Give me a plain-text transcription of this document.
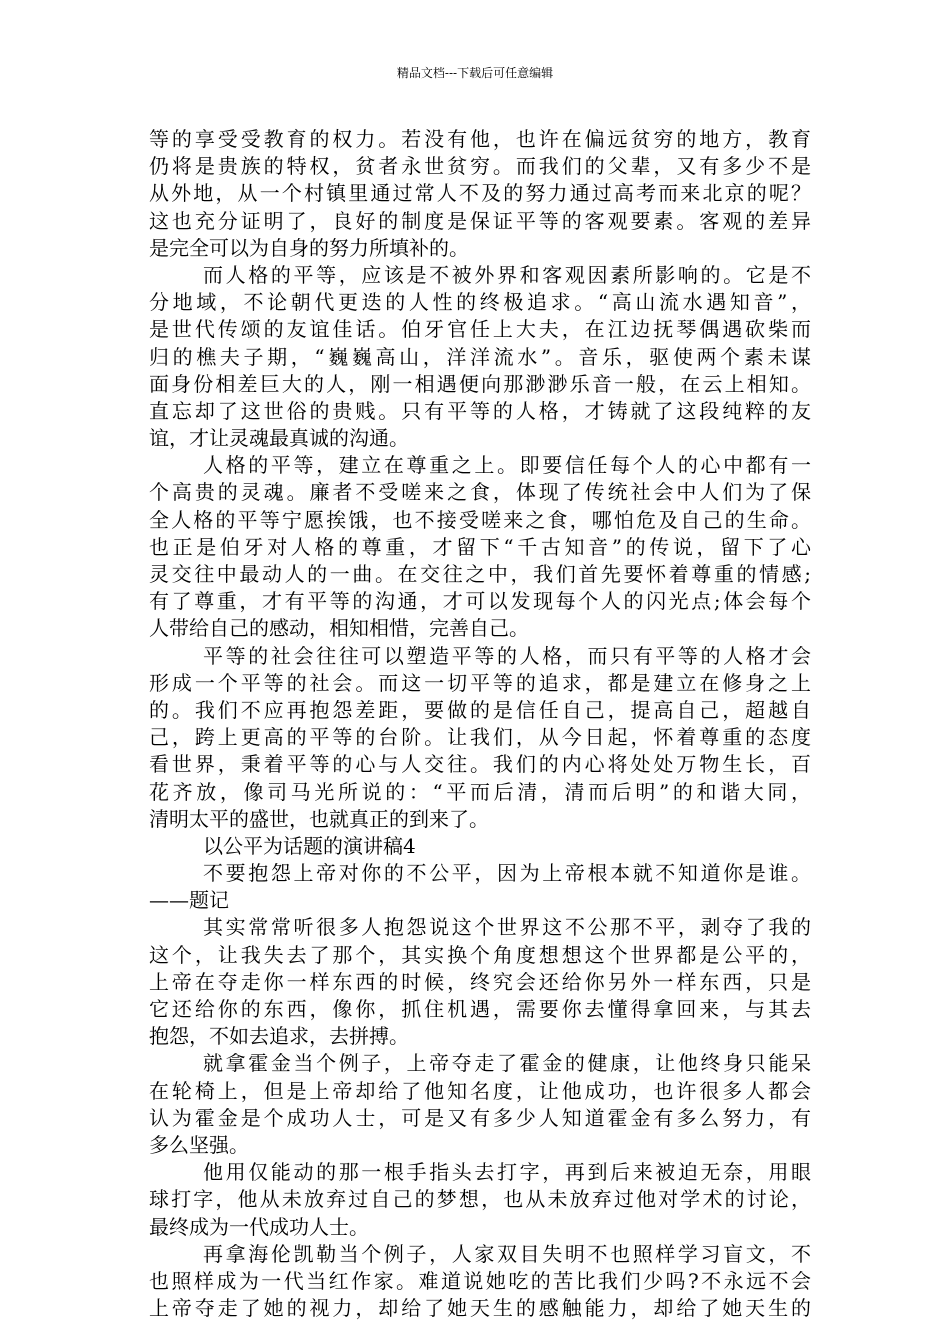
精品文档---下载后可任意编辑
等的享受受教育的权力。若没有他，也许在偏远贫穷的地方，教育
仍将是贵族的特权，贫者永世贫穷。而我们的父辈，又有多少不是
从外地，从一个村镇里通过常人不及的努力通过高考而来北京的呢？
这也充分证明了，良好的制度是保证平等的客观要素。客观的差异
是完全可以为自身的努力所填补的。
而人格的平等，应该是不被外界和客观因素所影响的。它是不
分地域，不论朝代更迭的人性的终极追求。“高山流水遇知音”，
是世代传颂的友谊佳话。伯牙官任上大夫，在江边抚琴偶遇砍柴而
归的樵夫子期，“巍巍高山，洋洋流水”。音乐，驱使两个素未谋
面身份相差巨大的人，刚一相遇便向那渺渺乐音一般，在云上相知。
直忘却了这世俗的贵贱。只有平等的人格，才铸就了这段纯粹的友
谊，才让灵魂最真诚的沟通。
人格的平等，建立在尊重之上。即要信任每个人的心中都有一
个高贵的灵魂。廉者不受嗟来之食，体现了传统社会中人们为了保
全人格的平等宁愿挨饿，也不接受嗟来之食，哪怕危及自己的生命。
也正是伯牙对人格的尊重，才留下“千古知音”的传说，留下了心
灵交往中最动人的一曲。在交往之中，我们首先要怀着尊重的情感;
有了尊重，才有平等的沟通，才可以发现每个人的闪光点;体会每个
人带给自己的感动，相知相惜，完善自己。
平等的社会往往可以塑造平等的人格，而只有平等的人格才会
形成一个平等的社会。而这一切平等的追求，都是建立在修身之上
的。我们不应再抱怨差距，要做的是信任自己，提高自己，超越自
己，跨上更高的平等的台阶。让我们，从今日起，怀着尊重的态度
看世界，秉着平等的心与人交往。我们的内心将处处万物生长，百
花齐放，像司马光所说的：“平而后清，清而后明”的和谐大同，
清明太平的盛世，也就真正的到来了。
以公平为话题的演讲稿4
不要抱怨上帝对你的不公平，因为上帝根本就不知道你是谁。
——题记
其实常常听很多人抱怨说这个世界这不公那不平，剥夺了我的
这个，让我失去了那个，其实换个角度想想这个世界都是公平的，
上帝在夺走你一样东西的时候，终究会还给你另外一样东西，只是
它还给你的东西，像你，抓住机遇，需要你去懂得拿回来，与其去
抱怨，不如去追求，去拼搏。
就拿霍金当个例子，上帝夺走了霍金的健康，让他终身只能呆
在轮椅上，但是上帝却给了他知名度，让他成功，也许很多人都会
认为霍金是个成功人士，可是又有多少人知道霍金有多么努力，有
多么坚强。
他用仅能动的那一根手指头去打字，再到后来被迫无奈，用眼
球打字，他从未放弃过自己的梦想，也从未放弃过他对学术的讨论，
最终成为一代成功人士。
再拿海伦凯勒当个例子，人家双目失明不也照样学习盲文，不
也照样成为一代当红作家。难道说她吃的苦比我们少吗?不永远不会
上帝夺走了她的视力，却给了她天生的感触能力，却给了她天生的
